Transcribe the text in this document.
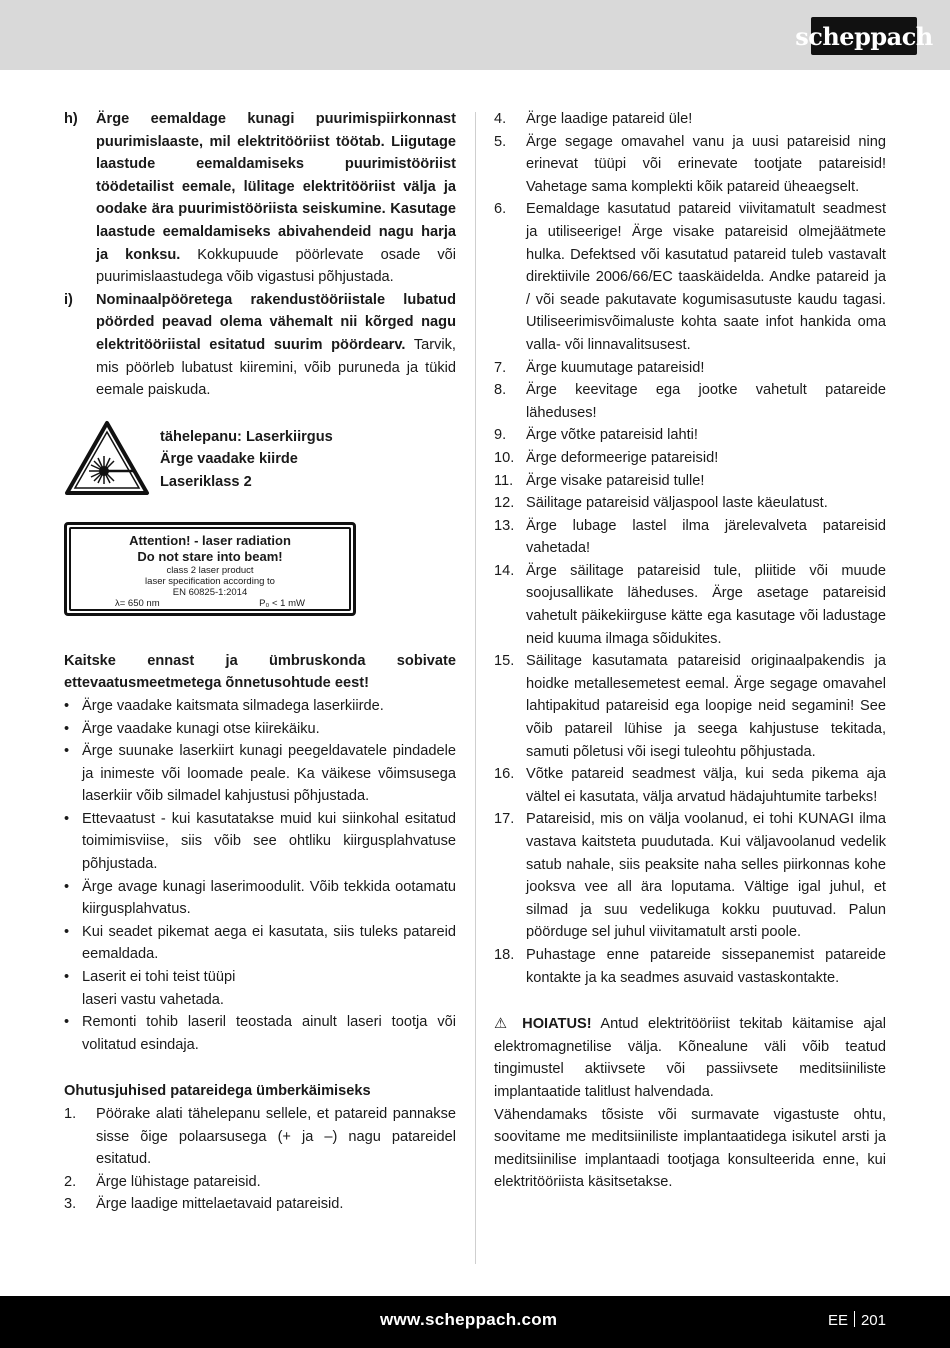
scheppach
h)	Ärge eemaldage kunagi puurimispiirkonnast puurimislaaste, mil elektritööriist töötab. Liigutage laastude eemaldamiseks puurimistööriist töödetailist eemale, lülitage elektritööriist välja ja oodake ära puurimistööriista seiskumine. Kasutage laastude eemaldamiseks abivahendeid nagu harja ja konksu. Kokkupuude pöörlevate osade või puurimislaastudega võib vigastusi põhjustada.
i)	Nominaalpööretega rakendustööriistale lubatud pöörded peavad olema vähemalt nii kõrged nagu elektritööriistal esitatud suurim pöördearv. Tarvik, mis pöörleb lubatust kiiremini, võib puruneda ja tükid eemale paiskuda.
tähelepanu: Laserkiirgus
Ärge vaadake kiirde
Laseriklass 2
Attention! - laser radiation
Do not stare into beam!
class 2 laser product
laser specification according to
EN 60825-1:2014
λ= 650 nm	P₀ < 1 mW

Kaitske ennast ja ümbruskonda sobivate ettevaatusmeetmetega õnnetusohtude eest!

• Ärge vaadake kaitsmata silmadega laserkiirde.
• Ärge vaadake kunagi otse kiirekäiku.
• Ärge suunake laserkiirt kunagi peegeldavatele pindadele ja inimeste või loomade peale. Ka väikese võimsusega laserkiir võib silmadel kahjustusi põhjustada.
• Ettevaatust - kui kasutatakse muid kui siinkohal esitatud toimimisviise, siis võib see ohtliku kiirgusplahvatuse põhjustada.
• Ärge avage kunagi laserimoodulit. Võib tekkida ootamatu kiirgusplahvatus.
• Kui seadet pikemat aega ei kasutata, siis tuleks patareid eemaldada.
• Laserit ei tohi teist tüüpi
laseri vastu vahetada.
• Remonti tohib laseril teostada ainult laseri tootja või volitatud esindaja.

Ohutusjuhised patareidega ümberkäimiseks

1.	Pöörake alati tähelepanu sellele, et patareid pannakse sisse õige polaarsusega (+ ja –) nagu patareidel esitatud.
2.	Ärge lühistage patareisid.
3.	Ärge laadige mittelaetavaid patareisid.
4.	Ärge laadige patareid üle!
5.	Ärge segage omavahel vanu ja uusi patareisid ning erinevat tüüpi või erinevate tootjate patareisid! Vahetage sama komplekti kõik patareid üheaegselt.
6.	Eemaldage kasutatud patareid viivitamatult seadmest ja utiliseerige! Ärge visake patareisid olmejäätmete hulka. Defektsed või kasutatud patareid tuleb vastavalt direktiivile 2006/66/EC taaskäidelda. Andke patareid ja / või seade pakutavate kogumisasutuste kaudu tagasi. Utiliseerimisvõimaluste kohta saate infot hankida oma valla- või linnavalitsusest.
7.	Ärge kuumutage patareisid!
8.	Ärge keevitage ega jootke vahetult patareide läheduses!
9.	Ärge võtke patareisid lahti!
10. Ärge deformeerige patareisid!
11. Ärge visake patareisid tulle!
12. Säilitage patareisid väljaspool laste käeulatust.
13. Ärge lubage lastel ilma järelevalveta patareisid vahetada!
14. Ärge säilitage patareisid tule, pliitide või muude soojusallikate läheduses. Ärge asetage patareisid vahetult päikekiirguse kätte ega kasutage või ladustage neid kuuma ilmaga sõidukites.
15. Säilitage kasutamata patareisid originaalpakendis ja hoidke metallesemetest eemal. Ärge segage omavahel lahtipakitud patareisid ega loopige neid segamini! See võib patareil lühise ja seega kahjustuse tekitada, samuti põletusi või isegi tuleohtu põhjustada.
16. Võtke patareid seadmest välja, kui seda pikema aja vältel ei kasutata, välja arvatud hädajuhtumite tarbeks!
17. Patareisid, mis on välja voolanud, ei tohi KUNAGI ilma vastava kaitsteta puudutada. Kui väljavoolanud vedelik satub nahale, siis peaksite naha selles piirkonnas kohe jooksva vee all ära loputama. Vältige igal juhul, et silmad ja suu vedelikuga kokku puutuvad. Palun pöörduge sel juhul viivitamatult arsti poole.
18. Puhastage enne patareide sissepanemist patareide kontakte ja ka seadmes asuvaid vastaskontakte.

⚠ HOIATUS! Antud elektritööriist tekitab käitamise ajal elektromagnetilise välja. Kõnealune väli võib teatud tingimustel aktiivsete või passiivsete meditsiiniliste implantaatide talitlust halvendada.

Vähendamaks tõsiste või surmavate vigastuste ohtu, soovitame me meditsiiniliste implantaatidega isikutel arsti ja meditsiinilise implantaadi tootjaga konsulteerida enne, kui elektritööriista käsitsetakse.

www.scheppach.com	EE 201
